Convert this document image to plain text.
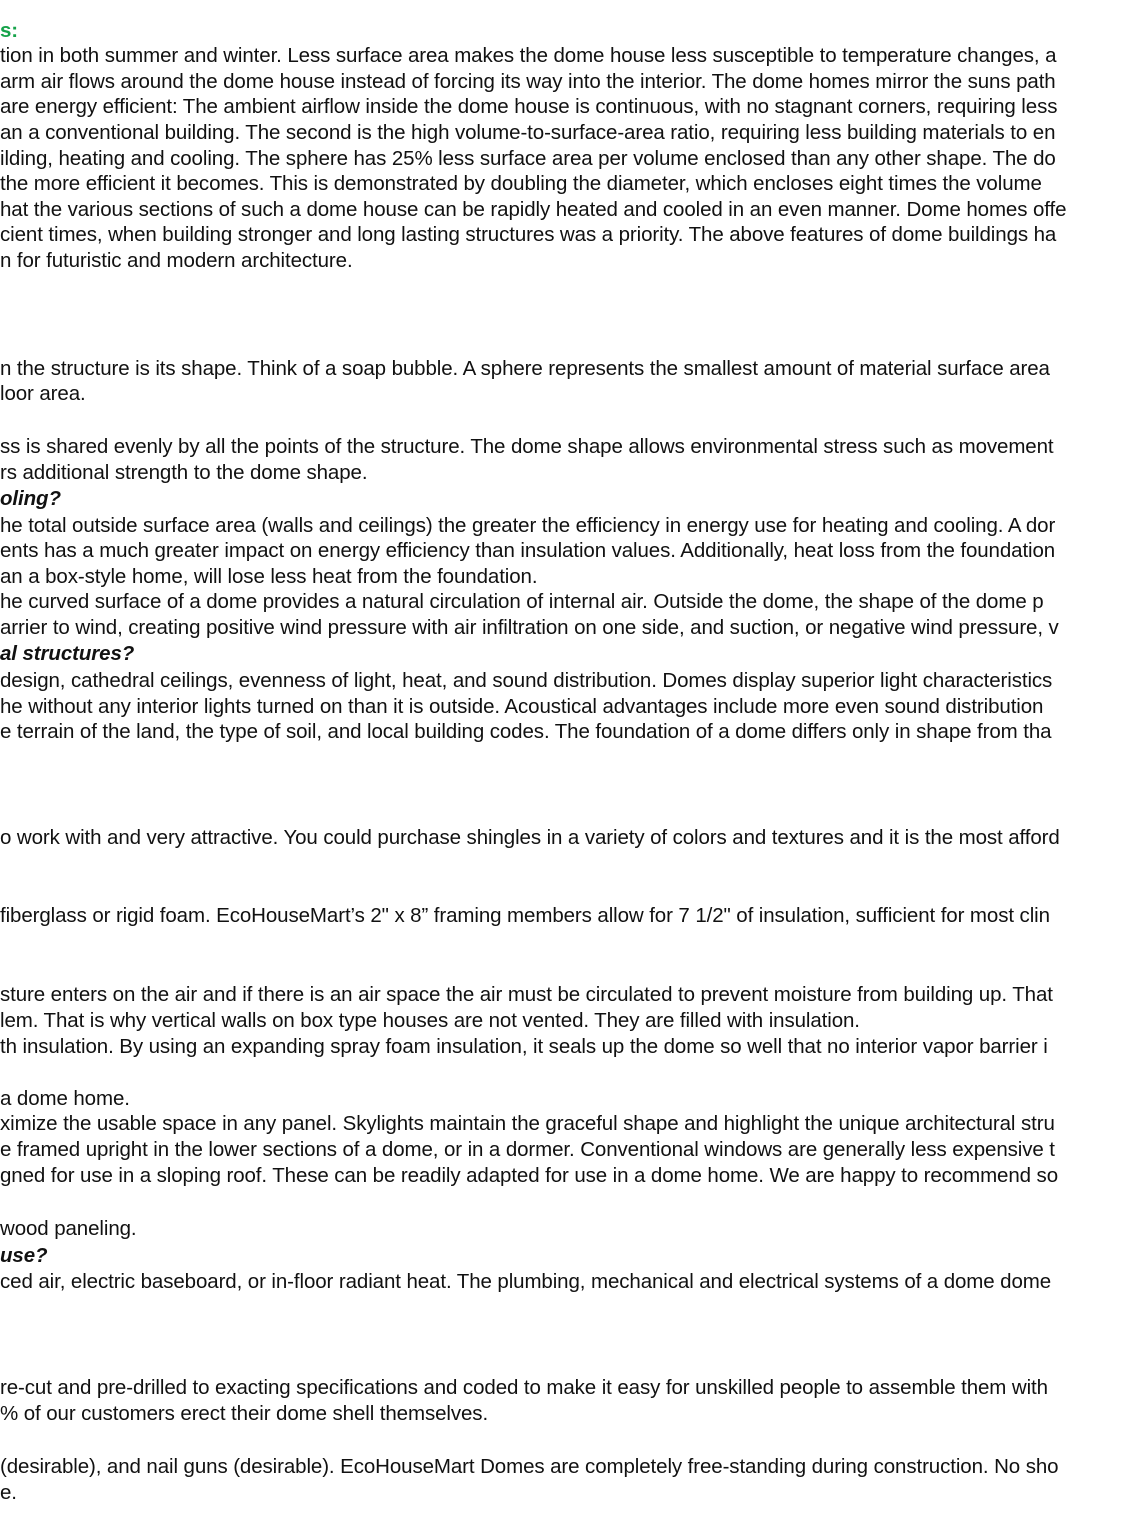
s:
tion in both summer and winter. Less surface area makes the dome house less susceptible to temperature changes, a
arm air flows around the dome house instead of forcing its way into the interior. The dome homes mirror the suns path
are energy efficient: The ambient airflow inside the dome house is continuous, with no stagnant corners, requiring less
an a conventional building. The second is the high volume-to-surface-area ratio, requiring less building materials to en
ilding, heating and cooling. The sphere has 25% less surface area per volume enclosed than any other shape. The do
the more efficient it becomes. This is demonstrated by doubling the diameter, which encloses eight times the volume
hat the various sections of such a dome house can be rapidly heated and cooled in an even manner. Dome homes offe
cient times, when building stronger and long lasting structures was a priority. The above features of dome buildings ha
n for futuristic and modern architecture.
n the structure is its shape. Think of a soap bubble. A sphere represents the smallest amount of material surface area
loor area.
ss is shared evenly by all the points of the structure. The dome shape allows environmental stress such as movement
rs additional strength to the dome shape.
oling?
he total outside surface area (walls and ceilings) the greater the efficiency in energy use for heating and cooling. A dor
ents has a much greater impact on energy efficiency than insulation values. Additionally, heat loss from the foundation
an a box-style home, will lose less heat from the foundation.
he curved surface of a dome provides a natural circulation of internal air. Outside the dome, the shape of the dome p
arrier to wind, creating positive wind pressure with air infiltration on one side, and suction, or negative wind pressure, v
al structures?
design, cathedral ceilings, evenness of light, heat, and sound distribution. Domes display superior light characteristics
he without any interior lights turned on than it is outside. Acoustical advantages include more even sound distribution
e terrain of the land, the type of soil, and local building codes. The foundation of a dome differs only in shape from tha
o work with and very attractive. You could purchase shingles in a variety of colors and textures and it is the most afford
fiberglass or rigid foam. EcoHouseMart’s 2" x 8” framing members allow for 7 1/2" of insulation, sufficient for most clin
sture enters on the air and if there is an air space the air must be circulated to prevent moisture from building up. That
lem. That is why vertical walls on box type houses are not vented. They are filled with insulation.
th insulation. By using an expanding spray foam insulation, it seals up the dome so well that no interior vapor barrier i
a dome home.
ximize the usable space in any panel. Skylights maintain the graceful shape and highlight the unique architectural stru
e framed upright in the lower sections of a dome, or in a dormer. Conventional windows are generally less expensive t
gned for use in a sloping roof. These can be readily adapted for use in a dome home. We are happy to recommend so
wood paneling.
use?
ced air, electric baseboard, or in-floor radiant heat. The plumbing, mechanical and electrical systems of a dome dome
re-cut and pre-drilled to exacting specifications and coded to make it easy for unskilled people to assemble them with
% of our customers erect their dome shell themselves.
(desirable), and nail guns (desirable). EcoHouseMart Domes are completely free-standing during construction. No sho
e.
